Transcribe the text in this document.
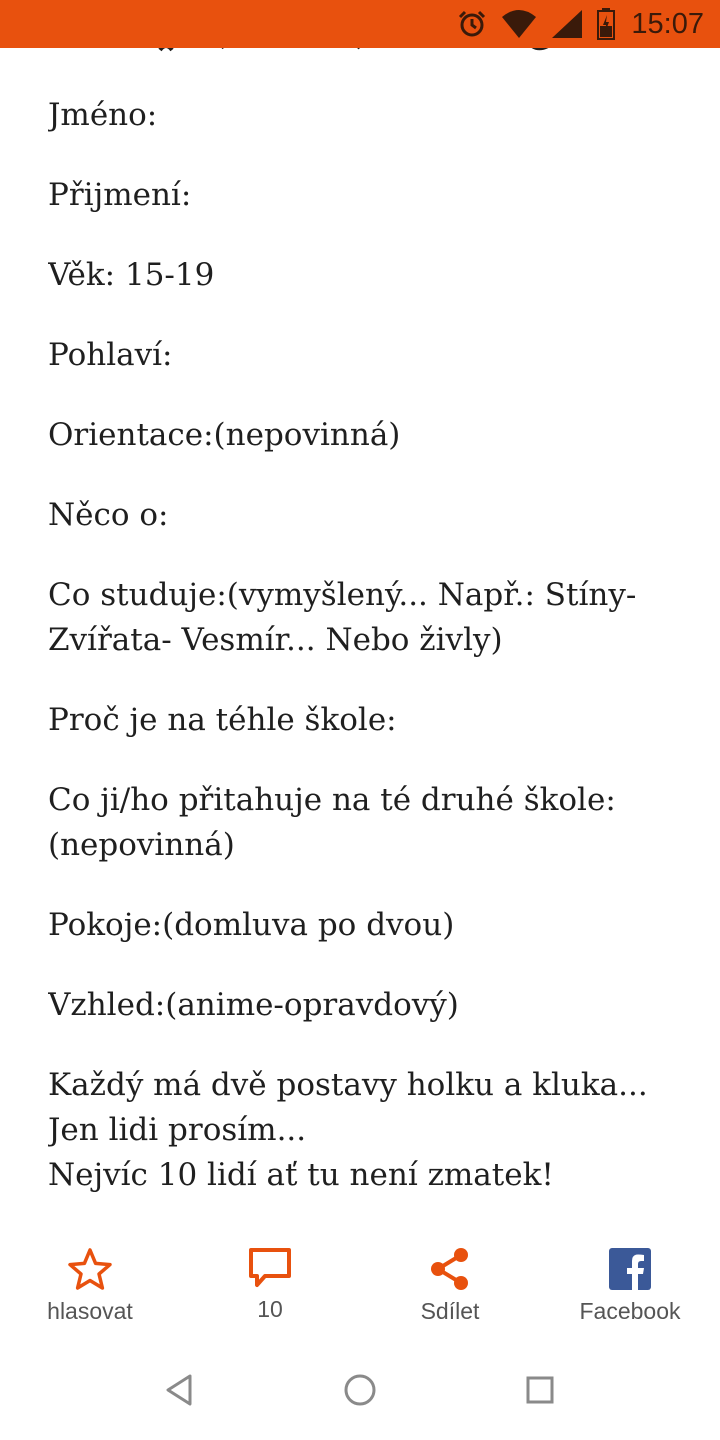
15:07
Jméno:
Přijmení:
Věk: 15-19
Pohlaví:
Orientace:(nepovinná)
Něco o:
Co studuje:(vymyšlený... Např.: Stíny-
Zvířata- Vesmír... Nebo živly)
Proč je na téhle škole:
Co ji/ho přitahuje na té druhé škole:
(nepovinná)
Pokoje:(domluva po dvou)
Vzhled:(anime-opravdový)
Každý má dvě postavy holku a kluka...
Jen lidi prosím...
Nejvíc 10 lidí ať tu není zmatek!
hlasovat	10	Sdílet	Facebook
